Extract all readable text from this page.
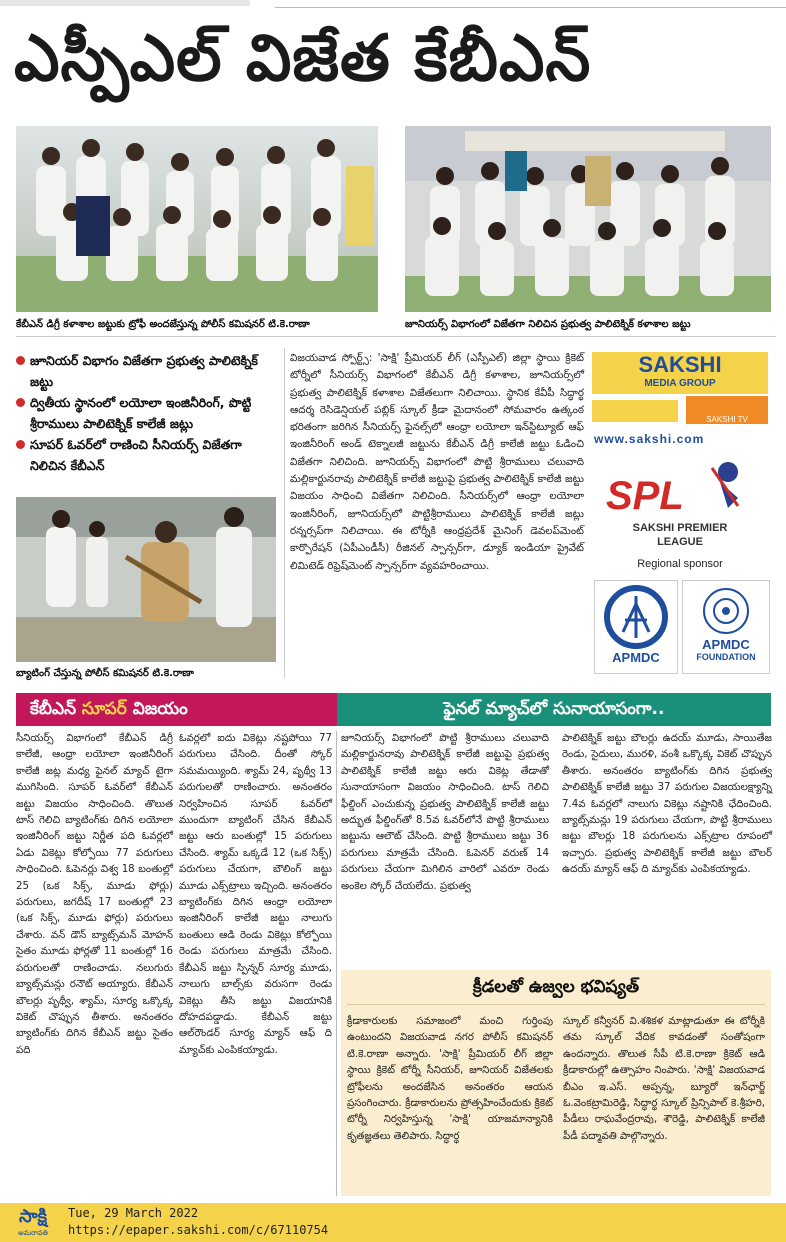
ఎస్పీఎల్ విజేత కేబీఎన్
కేబీఎన్ డిగ్రీ కళాశాల జట్టుకు ట్రోఫీ అందజేస్తున్న పోలీస్ కమిషనర్ టి.కె.రాణా	జూనియర్స్ విభాగంలో విజేతగా నిలిచిన ప్రభుత్వ పాలిటెక్నిక్ కళాశాల జట్టు
జూనియర్ విభాగం విజేతగా ప్రభుత్వ పాలిటెక్నిక్ జట్టు
ద్వితీయ స్థానంలో లయోలా ఇంజినీరింగ్, పొట్టి శ్రీరాములు పాలిటెక్నిక్ కాలేజీ జట్లు
సూపర్ ఓవర్‌లో రాణించి సీనియర్స్ విజేతగా నిలిచిన కేబీఎన్
బ్యాటింగ్ చేస్తున్న పోలీస్ కమిషనర్ టి.కె.రాణా
విజయవాడ స్పోర్ట్స్: 'సాక్షి' ప్రీమియర్ లీగ్ (ఎస్పీఎల్) జిల్లా స్థాయి క్రికెట్ టోర్నీలో సీనియర్స్ విభాగంలో కేబీఎన్ డిగ్రీ కళాశాల, జూనియర్స్‌లో ప్రభుత్వ పాలిటెక్నిక్ కళాశాల విజేతలుగా నిలిచాయి. స్థానిక కేవీపీ సిద్ధార్థ ఆదర్శ రెసిడెన్షియల్ పబ్లిక్ స్కూల్ క్రీడా మైదానంలో సోమవారం ఉత్కంఠ భరితంగా జరిగిన సీనియర్స్ ఫైనల్స్‌లో ఆంధ్రా లయోలా ఇన్‌స్టిట్యూట్ ఆఫ్ ఇంజినీరింగ్ అండ్ టెక్నాలజీ జట్టును కేబీఎన్ డిగ్రీ కాలేజీ జట్టు ఓడించి విజేతగా నిలిచింది. జూనియర్స్ విభాగంలో పొట్టి శ్రీరాములు చలువాది మల్లికార్జునరావు పాలిటెక్నిక్ కాలేజీ జట్టుపై ప్రభుత్వ పాలిటెక్నిక్ కాలేజీ జట్టు విజయం సాధించి విజేతగా నిలిచింది. సీనియర్స్‌లో ఆంధ్రా లయోలా ఇంజినీరింగ్, జూనియర్స్‌లో పొట్టిశ్రీరాములు పాలిటెక్నిక్ కాలేజీ జట్లు రన్నర్సప్‌గా నిలిచాయి. ఈ టోర్నీకి ఆంధ్రప్రదేశ్ మైనింగ్ డెవలప్‌మెంట్ కార్పొరేషన్ (ఏపీఎండీసీ) రీజినల్ స్పాన్సర్‌గా, డ్యూక్ ఇండియా ప్రైవేట్ లిమిటెడ్ రిఫ్రెష్‌మెంట్ స్పాన్సర్‌గా వ్యవహరించాయి.
SAKSHI
MEDIA GROUP
SAKSHI TV
www.sakshi.com
SPL
SAKSHI PREMIER
LEAGUE
Regional sponsor
APMDC
APMDC
FOUNDATION
కేబీఎన్ సూపర్ విజయం	ఫైనల్ మ్యాచ్‌లో సునాయాసంగా..
సీనియర్స్ విభాగంలో కేబీఎన్ డిగ్రీ కాలేజీ, ఆంధ్రా లయోలా ఇంజినీరింగ్ కాలేజీ జట్ల మధ్య ఫైనల్ మ్యాచ్ టైగా ముగిసింది. సూపర్ ఓవర్‌లో కేబీఎన్ జట్టు విజయం సాధించింది. తొలుత టాస్ గెలిచి బ్యాటింగ్‌కు దిగిన లయోలా ఇంజినీరింగ్ జట్టు నిర్ణీత పది ఓవర్లలో ఏడు వికెట్లు కోల్పోయి 77 పరుగులు సాధించింది. ఓపెనర్లు విశ్వ 18 బంతుల్లో 25 (ఒక సిక్స్, మూడు ఫోర్లు) పరుగులు, జగదీష్ 17 బంతుల్లో 23 (ఒక సిక్స్, మూడు ఫోర్లు) పరుగులు చేశారు. వన్ డౌన్ బ్యాట్స్‌మన్ మోహన్ సైతం మూడు ఫోర్లతో 11 బంతుల్లో 16 పరుగులతో రాణించాడు. నలుగురు బ్యాట్స్‌మన్లు రనౌట్ అయ్యారు. కేబీఎన్ బౌలర్లు పృథ్వీ, శ్యామ్, సూర్య ఒక్కొక్క వికెట్ చొప్పున తీశారు. అనంతరం బ్యాటింగ్‌కు దిగిన కేబీఎన్ జట్టు సైతం పది
ఓవర్లలో ఐదు వికెట్లు నష్టపోయి 77 పరుగులు చేసింది. దీంతో స్కోర్ సమమయ్యింది. శ్యామ్ 24, పృథ్వీ 13 పరుగులతో రాణించారు. అనంతరం నిర్వహించిన సూపర్ ఓవర్‌లో ముందుగా బ్యాటింగ్ చేసిన కేబీఎన్ జట్టు ఆరు బంతుల్లో 15 పరుగులు చేసింది. శ్యామ్ ఒక్కడే 12 (ఒక సిక్స్) పరుగులు చేయగా, బౌలింగ్ జట్టు మూడు ఎక్స్‌ట్రాలు ఇచ్చింది. అనంతరం బ్యాటింగ్‌కు దిగిన ఆంధ్రా లయోలా ఇంజినీరింగ్ కాలేజీ జట్టు నాలుగు బంతులు ఆడి రెండు వికెట్లు కోల్పోయి రెండు పరుగులు మాత్రమే చేసింది. కేబీఎన్ జట్టు స్పిన్నర్ సూర్య మూడు, నాలుగు బాల్స్‌కు వరుసగా రెండు వికెట్లు తీసి జట్టు విజయానికి దోహదపడ్డాడు. కేబీఎన్ జట్టు ఆల్‌రౌండర్ సూర్య మ్యాన్ ఆఫ్ ది మ్యాచ్‌కు ఎంపికయ్యాడు.
జూనియర్స్ విభాగంలో పొట్టి శ్రీరాములు చలువాది మల్లికార్జునరావు పాలిటెక్నిక్ కాలేజీ జట్టుపై ప్రభుత్వ పాలిటెక్నిక్ కాలేజీ జట్టు ఆరు వికెట్ల తేడాతో సునాయాసంగా విజయం సాధించింది. టాస్ గెలిచి ఫీల్డింగ్ ఎంచుకున్న ప్రభుత్వ పాలిటెక్నిక్ కాలేజీ జట్టు అద్భుత ఫీల్డింగ్‌తో 8.5వ ఓవర్‌లోనే పొట్టి శ్రీరాములు జట్టును ఆలౌట్ చేసింది. పొట్టి శ్రీరాములు జట్టు 36 పరుగులు మాత్రమే చేసింది. ఓపెనర్ వరుణ్ 14 పరుగులు చేయగా మిగిలిన వారిలో ఎవరూ రెండు అంకెల స్కోర్ చేయలేదు. ప్రభుత్వ
పాలిటెక్నిక్ జట్టు బౌలర్లు ఉదయ్ మూడు, సాయితేజ రెండు, సైదులు, మురళి, వంశీ ఒక్కొక్క వికెట్ చొప్పున తీశారు. అనంతరం బ్యాటింగ్‌కు దిగిన ప్రభుత్వ పాలిటెక్నిక్ కాలేజీ జట్టు 37 పరుగుల విజయలక్ష్యాన్ని 7.4వ ఓవర్లలో నాలుగు వికెట్లు నష్టానికి ఛేదించింది. బ్యాట్స్‌మన్లు 19 పరుగులు చేయగా, పొట్టి శ్రీరాములు జట్టు బౌలర్లు 18 పరుగులను ఎక్స్‌ట్రాల రూపంలో ఇచ్చారు. ప్రభుత్వ పాలిటెక్నిక్ కాలేజీ జట్టు బౌలర్ ఉదయ్ మ్యాన్ ఆఫ్ ది మ్యాచ్‌కు ఎంపికయ్యాడు.
క్రీడలతో ఉజ్వల భవిష్యత్
క్రీడాకారులకు సమాజంలో మంచి గుర్తింపు ఉంటుందని విజయవాడ నగర పోలీస్ కమిషనర్ టి.కె.రాణా అన్నారు. 'సాక్షి' ప్రీమియర్ లీగ్ జిల్లా స్థాయి క్రికెట్ టోర్నీ సీనియర్, జూనియర్ విజేతలకు ట్రోఫీలను అందజేసిన అనంతరం ఆయన ప్రసంగించారు. క్రీడాకారులను ప్రోత్సహించేందుకు క్రికెట్ టోర్నీ నిర్వహిస్తున్న 'సాక్షి' యాజమాన్యానికి కృతజ్ఞతలు తెలిపారు. సిద్ధార్థ
స్కూల్ కన్వీనర్ వి.శశికళ మాట్లాడుతూ ఈ టోర్నీకి తమ స్కూల్ వేదిక కావడంతో సంతోషంగా ఉందన్నారు. తొలుత సీపీ టి.కె.రాణా క్రికెట్ ఆడి క్రీడాకారుల్లో ఉత్సాహం నింపారు. 'సాక్షి' విజయవాడ బీఎం ఇ.ఎస్. అప్పన్న, బ్యూరో ఇన్‌ఛార్జ్ ఓ.వెంకట్రామిరెడ్డి, సిద్ధార్థ స్కూల్ ప్రిన్సిపాల్ కె.శ్రీహరి, పీడీలు రాఘవేంద్రరావు, శౌరెడ్డి, పాలిటెక్నిక్ కాలేజీ పీడీ పద్మావతి పాల్గొన్నారు.
సాక్షి
అమరావతి
Tue, 29 March 2022
https://epaper.sakshi.com/c/67110754
